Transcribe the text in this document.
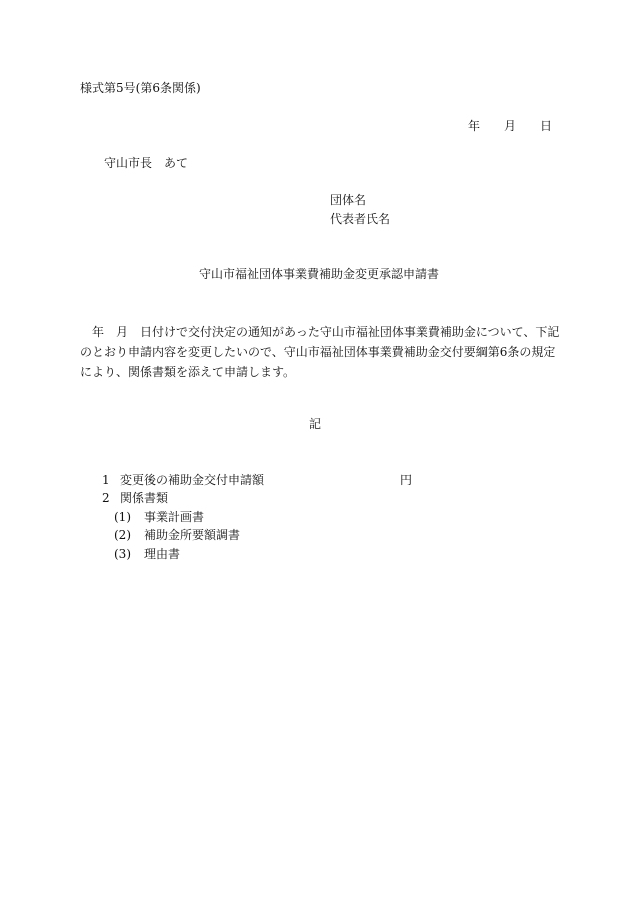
様式第5号(第6条関係)
年 月 日
守山市長　あて
団体名
代表者氏名
守山市福祉団体事業費補助金変更承認申請書
　年　月　日付けで交付決定の通知があった守山市福祉団体事業費補助金について、下記
のとおり申請内容を変更したいので、守山市福祉団体事業費補助金交付要綱第6条の規定
により、関係書類を添えて申請します。
記
1 変更後の補助金交付申請額	円
2 関係書類
(1) 事業計画書
(2) 補助金所要額調書
(3) 理由書
